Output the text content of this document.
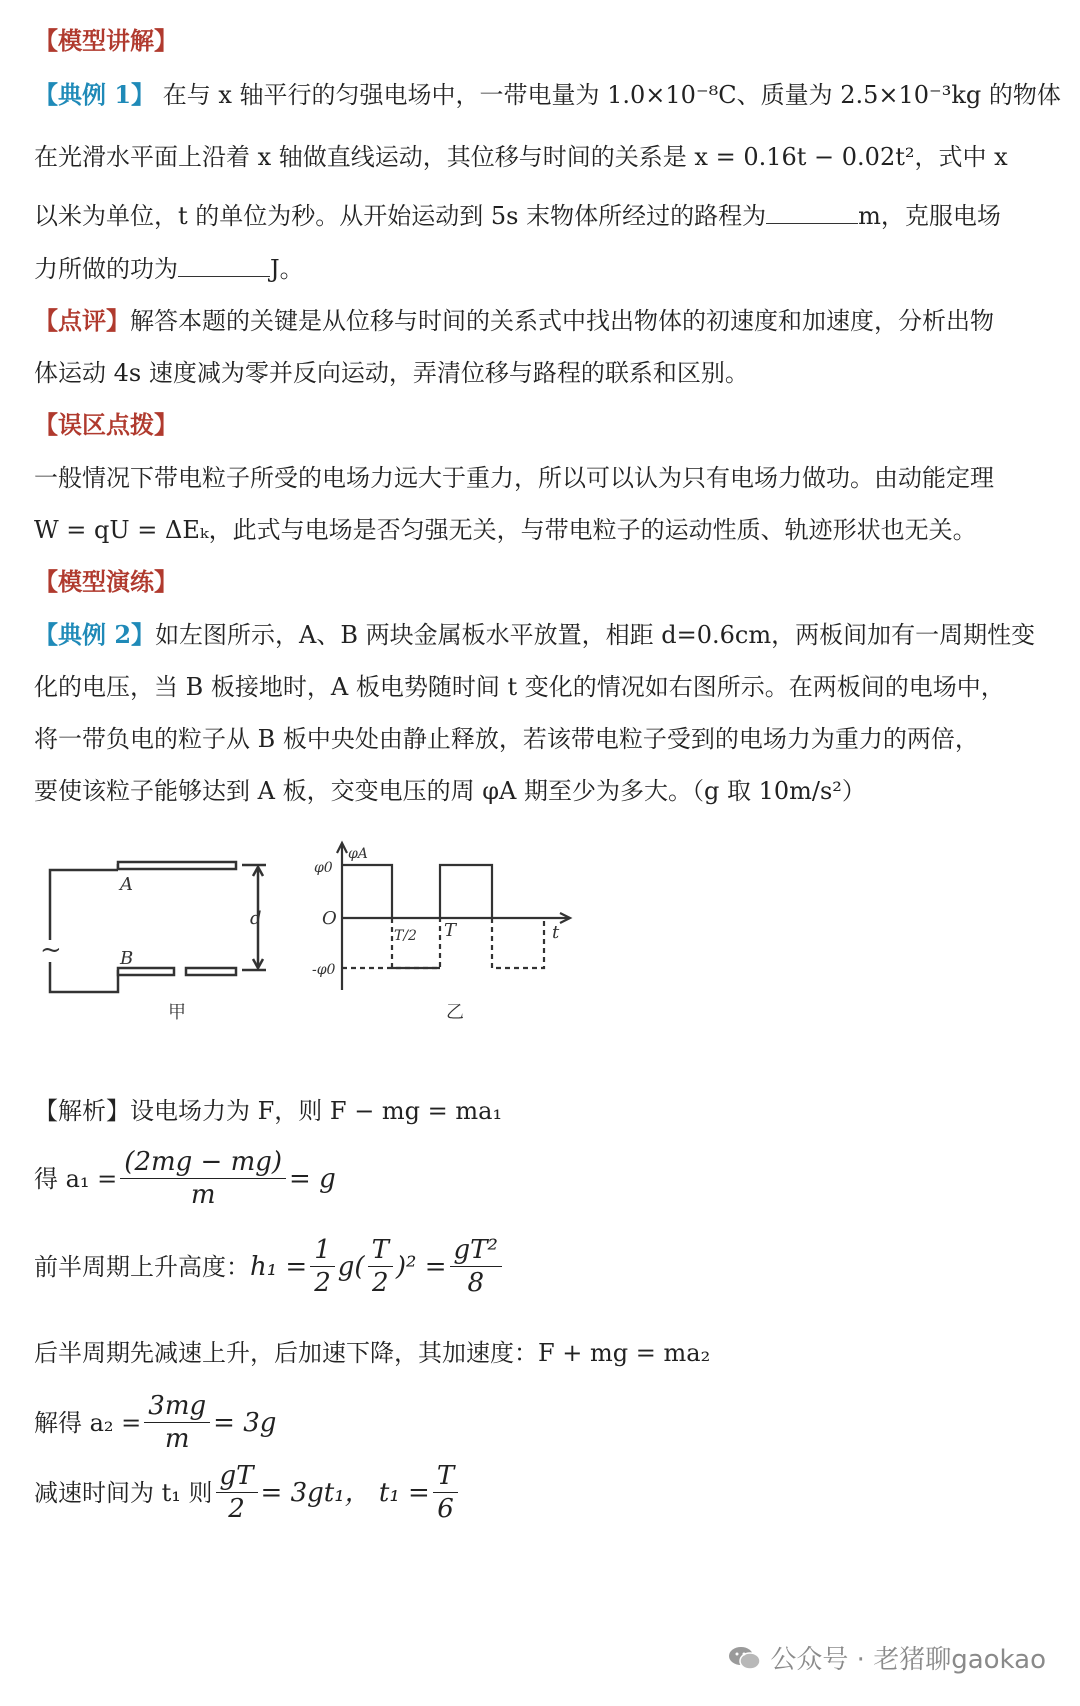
【模型讲解】
【典例 1】 在与 x 轴平行的匀强电场中，一带电量为 1.0×10⁻⁸C、质量为 2.5×10⁻³kg 的物体
在光滑水平面上沿着 x 轴做直线运动，其位移与时间的关系是 x = 0.16t − 0.02t²，式中 x
以米为单位，t 的单位为秒。从开始运动到 5s 末物体所经过的路程为	m，克服电场
力所做的功为	J。
【点评】解答本题的关键是从位移与时间的关系式中找出物体的初速度和加速度，分析出物
体运动 4s 速度减为零并反向运动，弄清位移与路程的联系和区别。
【误区点拨】
一般情况下带电粒子所受的电场力远大于重力，所以可以认为只有电场力做功。由动能定理
W = qU = ΔEₖ，此式与电场是否匀强无关，与带电粒子的运动性质、轨迹形状也无关。
【模型演练】
【典例 2】如左图所示，A、B 两块金属板水平放置，相距 d=0.6cm，两板间加有一周期性变
化的电压，当 B 板接地时，A 板电势随时间 t 变化的情况如右图所示。在两板间的电场中，
将一带负电的粒子从 B 板中央处由静止释放，若该带电粒子受到的电场力为重力的两倍，
要使该粒子能够达到 A 板，交变电压的周 φA 期至少为多大。（g 取 10m/s²）
~
A
B
d
甲
φA
φ0
O
-φ0
T/2 T	t
乙
【解析】设电场力为 F，则 F − mg = ma₁
得 $a_1 = \frac{(2mg - mg)}{m} = g$
前半周期上升高度： $h_1 = \frac{1}{2} g( \frac{T}{2} )^2 = \frac{\text{gT²}}{8}$
后半周期先减速上升，后加速下降，其加速度：F + mg = ma₂
解得 $a_2 = \frac{3mg}{m} = 3g$
减速时间为 t₁ 则 $\frac{gT}{2} = 3gt_1$， $t_1 = \frac{T}{6}$
公众号 · 老猪聊gaokao
